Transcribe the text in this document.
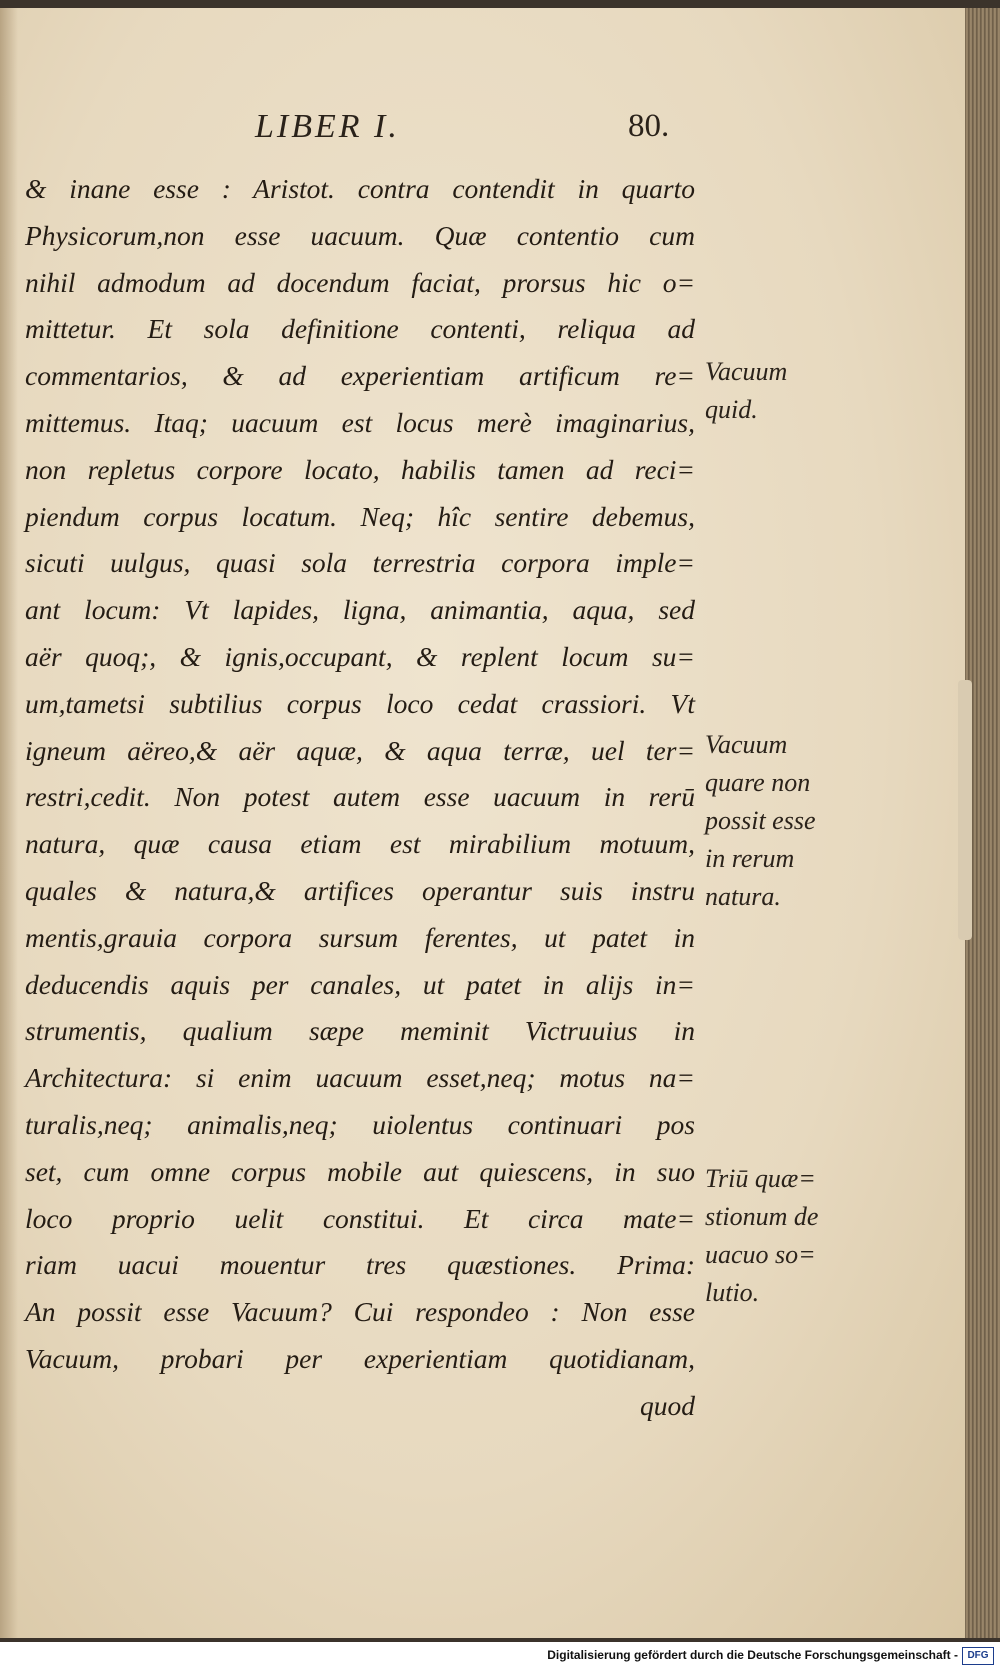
LIBER I.	80.
& inane esse : Aristot. contra contendit in quarto
Physicorum,non esse uacuum. Quæ contentio cum
nihil admodum ad docendum faciat, prorsus hic o=
mittetur. Et sola definitione contenti, reliqua ad
commentarios, & ad experientiam artificum re=
mittemus. Itaq; uacuum est locus merè imaginarius,
non repletus corpore locato, habilis tamen ad reci=
piendum corpus locatum. Neq; hîc sentire debemus,
sicuti uulgus, quasi sola terrestria corpora imple=
ant locum: Vt lapides, ligna, animantia, aqua, sed
aër quoq;, & ignis,occupant, & replent locum su=
um,tametsi subtilius corpus loco cedat crassiori. Vt
igneum aëreo,& aër aquæ, & aqua terræ, uel ter=
restri,cedit. Non potest autem esse uacuum in rerū
natura, quæ causa etiam est mirabilium motuum,
quales & natura,& artifices operantur suis instru
mentis,grauia corpora sursum ferentes, ut patet in
deducendis aquis per canales, ut patet in alijs in=
strumentis, qualium sæpe meminit Victruuius in
Architectura: si enim uacuum esset,neq; motus na=
turalis,neq; animalis,neq; uiolentus continuari pos
set, cum omne corpus mobile aut quiescens, in suo
loco proprio uelit constitui. Et circa mate=
riam uacui mouentur tres quæstiones. Prima:
An possit esse Vacuum? Cui respondeo : Non esse
Vacuum, probari per experientiam quotidianam,
quod
Vacuum
quid.
Vacuum
quare non
possit esse
in rerum
natura.
Triū quæ=
stionum de
uacuo so=
lutio.
Digitalisierung gefördert durch die Deutsche Forschungsgemeinschaft - DFG
